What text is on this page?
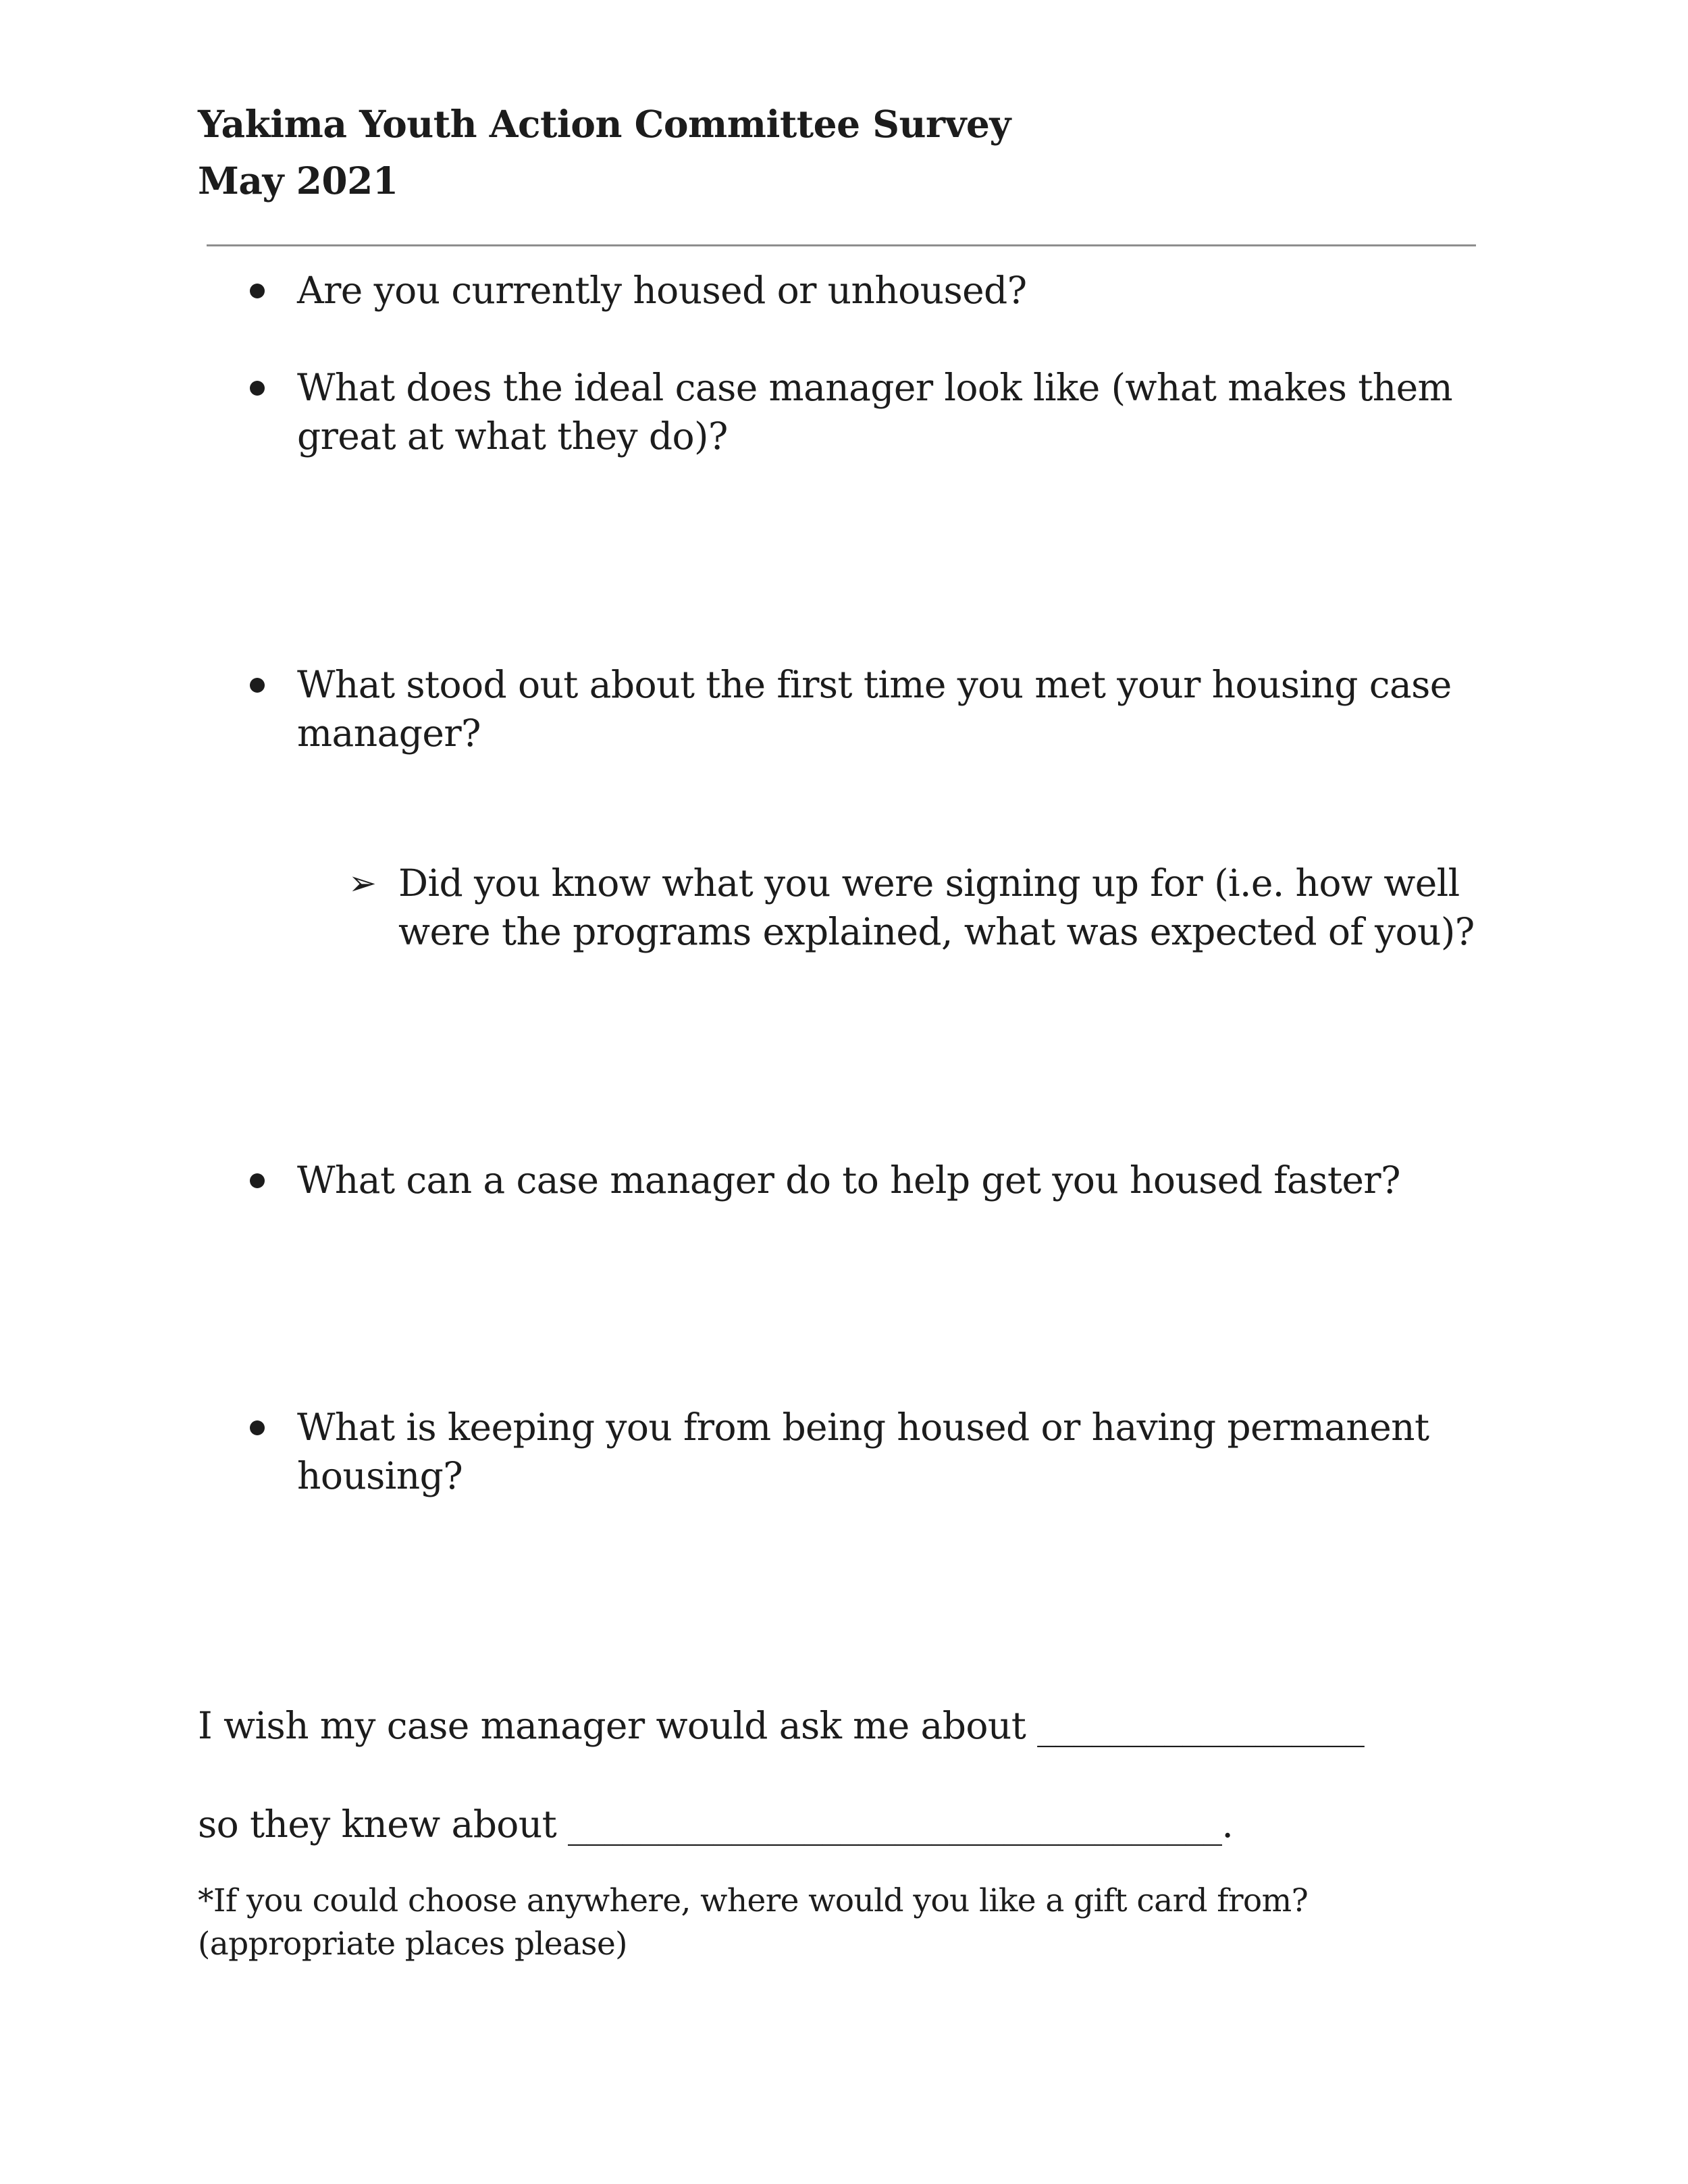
Yakima Youth Action Committee Survey
May 2021
Are you currently housed or unhoused?
What does the ideal case manager look like (what makes them great at what they do)?
What stood out about the first time you met your housing case manager?
➢ Did you know what you were signing up for (i.e. how well were the programs explained, what was expected of you)?
What can a case manager do to help get you housed faster?
What is keeping you from being housed or having permanent housing?
I wish my case manager would ask me about __________________
so they knew about ____________________________________.
*If you could choose anywhere, where would you like a gift card from? (appropriate places please)
